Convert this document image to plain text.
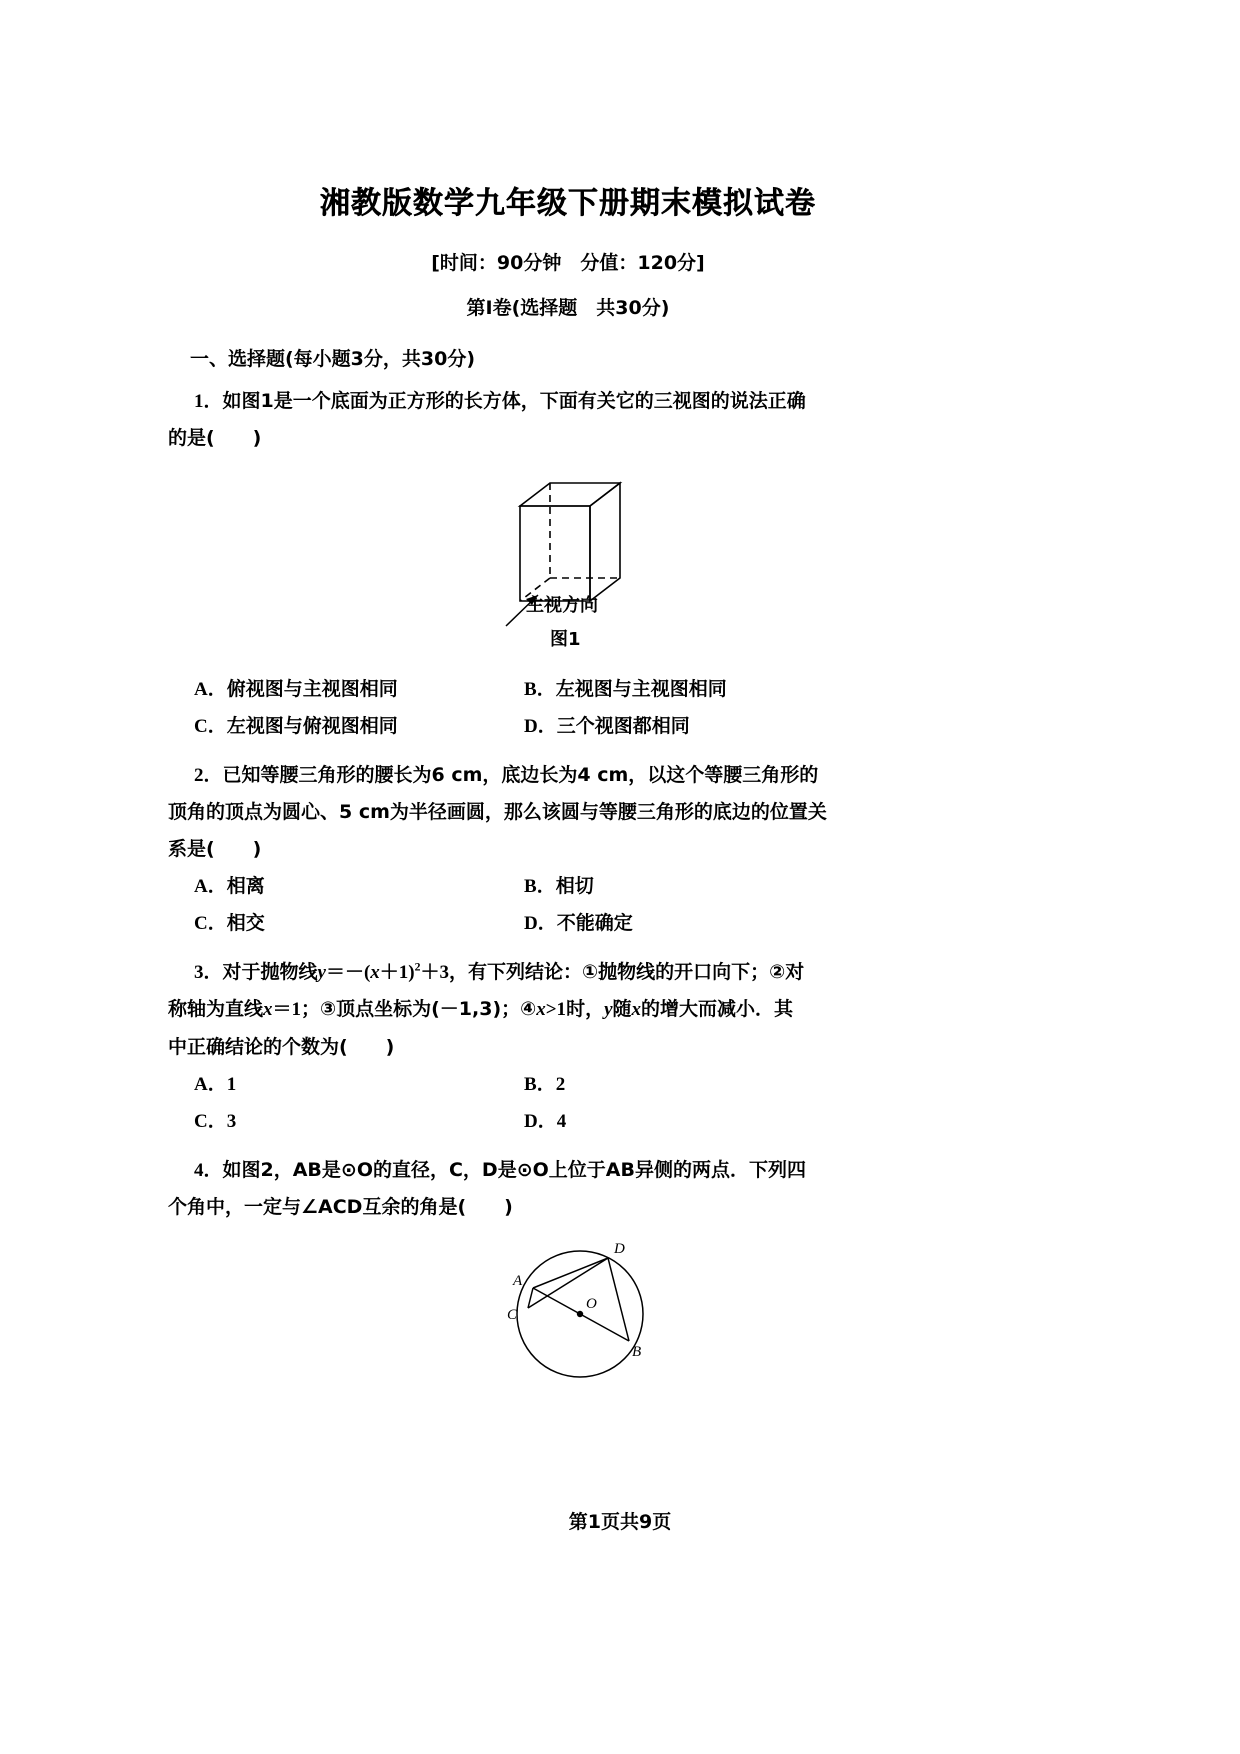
湘教版数学九年级下册期末模拟试卷
[时间：90分钟　分值：120分]
第Ⅰ卷(选择题　共30分)
一、选择题(每小题3分，共30分)
1．如图1是一个底面为正方形的长方体，下面有关它的三视图的说法正确
的是(　　)
主视方向
图1
A．俯视图与主视图相同	B．左视图与主视图相同
C．左视图与俯视图相同	D．三个视图都相同
2．已知等腰三角形的腰长为6 cm，底边长为4 cm，以这个等腰三角形的
顶角的顶点为圆心、5 cm为半径画圆，那么该圆与等腰三角形的底边的位置关
系是(　　)
A．相离	B．相切
C．相交	D．不能确定
3．对于抛物线$y=-(x+1)^2+3$，有下列结论：①抛物线的开口向下；②对
称轴为直线x＝1；③顶点坐标为(－1,3)；④x>1时，y随x的增大而减小．其
中正确结论的个数为(　　)
A．1	B．2
C．3	D．4
4．如图2，AB是⊙O的直径，C，D是⊙O上位于AB异侧的两点．下列四
个角中，一定与∠ACD互余的角是(　　)
A
C
D
B
O
第1页共9页
